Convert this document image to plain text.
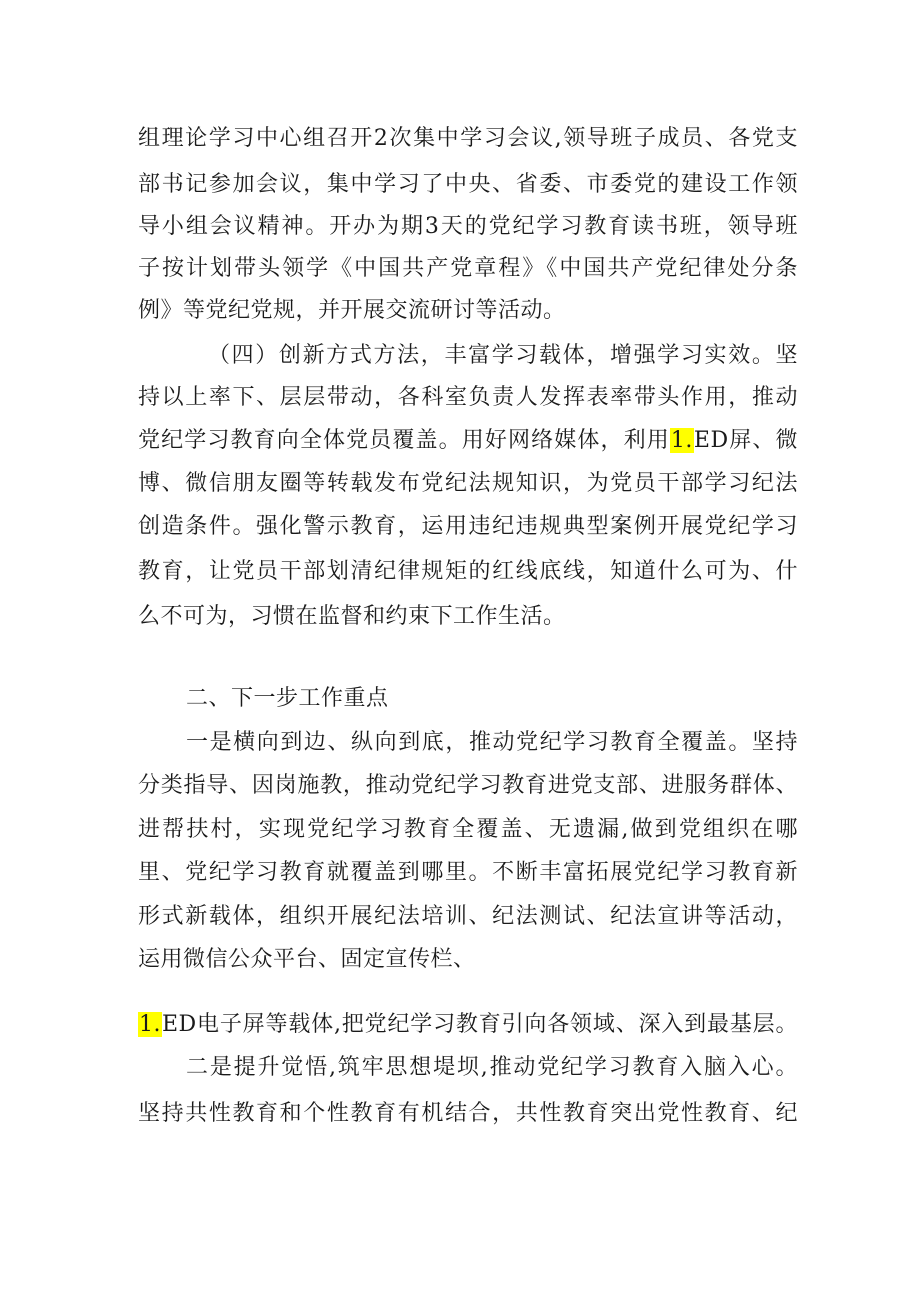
组理论学习中心组召开2次集中学习会议,领导班子成员、各党支
部书记参加会议，集中学习了中央、省委、市委党的建设工作领
导小组会议精神。开办为期3天的党纪学习教育读书班，领导班
子按计划带头领学《中国共产党章程》《中国共产党纪律处分条
例》等党纪党规，并开展交流研讨等活动。
（四）创新方式方法，丰富学习载体，增强学习实效。坚
持以上率下、层层带动，各科室负责人发挥表率带头作用，推动
党纪学习教育向全体党员覆盖。用好网络媒体，利用1.ED屏、微
博、微信朋友圈等转载发布党纪法规知识，为党员干部学习纪法
创造条件。强化警示教育，运用违纪违规典型案例开展党纪学习
教育，让党员干部划清纪律规矩的红线底线，知道什么可为、什
么不可为，习惯在监督和约束下工作生活。
二、下一步工作重点
一是横向到边、纵向到底，推动党纪学习教育全覆盖。坚持
分类指导、因岗施教，推动党纪学习教育进党支部、进服务群体、
进帮扶村，实现党纪学习教育全覆盖、无遗漏,做到党组织在哪
里、党纪学习教育就覆盖到哪里。不断丰富拓展党纪学习教育新
形式新载体，组织开展纪法培训、纪法测试、纪法宣讲等活动，
运用微信公众平台、固定宣传栏、
1.ED电子屏等载体,把党纪学习教育引向各领域、深入到最基层。
二是提升觉悟,筑牢思想堤坝,推动党纪学习教育入脑入心。
坚持共性教育和个性教育有机结合，共性教育突出党性教育、纪
